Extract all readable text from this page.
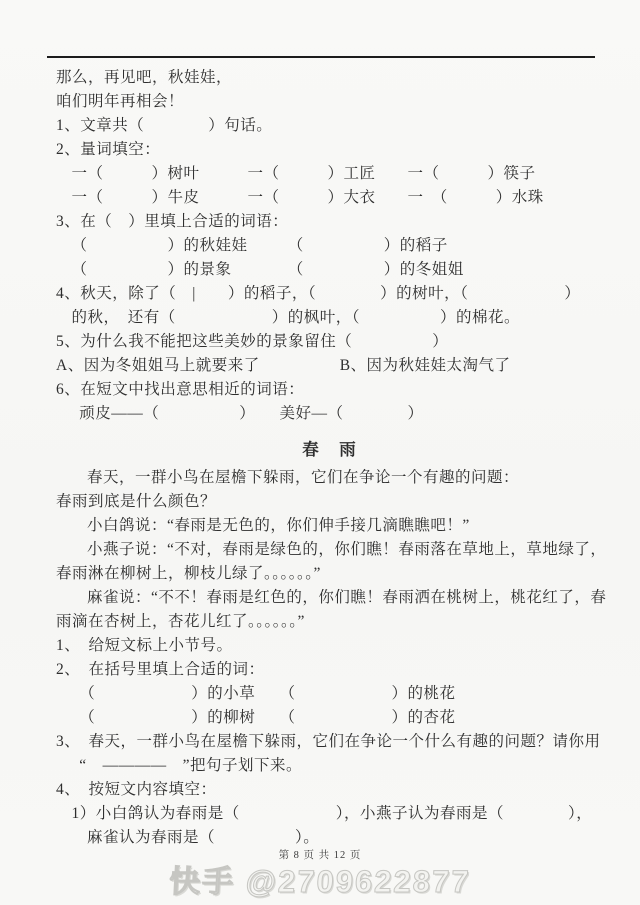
那么，再见吧，秋娃娃，
咱们明年再相会！
1、文章共（　　　　）句话。
2、量词填空：
一（　　　）树叶　　　一（　　　）工匠　　一（　　　）筷子
一（　　　）牛皮　　　一（　　　）大衣　　一　（　　　）水珠
3、在（　）里填上合适的词语：
（　　　　　）的秋娃娃　　　（　　　　　）的稻子
（　　　　　）的景象　　　　（　　　　　）的冬姐姐
4、秋天，除了（　|　　）的稻子，（　　　　）的树叶，（　　　　　　）
的秋，　还有（　　　　　　）的枫叶，（　　　　　）的棉花。
5、为什么我不能把这些美妙的景象留住（　　　　　）
A、因为冬姐姐马上就要来了　　　　　B、因为秋娃娃太淘气了
6、在短文中找出意思相近的词语：
顽皮——（　　　　　）　　美好—（　　　　）
春　雨
春天，一群小鸟在屋檐下躲雨，它们在争论一个有趣的问题：
春雨到底是什么颜色？
小白鸽说：“春雨是无色的，你们伸手接几滴瞧瞧吧！”
小燕子说：“不对，春雨是绿色的，你们瞧！春雨落在草地上，草地绿了，
春雨淋在柳树上，柳枝儿绿了。。。。。。”
麻雀说：“不不！春雨是红色的，你们瞧！春雨洒在桃树上，桃花红了，春
雨滴在杏树上，杏花儿红了。。。。。。”
1、　给短文标上小节号。
2、　在括号里填上合适的词：
（　　　　　　）的小草　　（　　　　　　）的桃花
（　　　　　　）的柳树　　（　　　　　　）的杏花
3、　春天，一群小鸟在屋檐下躲雨，它们在争论一个什么有趣的问题？请你用
“　————　”把句子划下来。
4、　按短文内容填空：
1）小白鸽认为春雨是（　　　　　　），小燕子认为春雨是（　　　　），
麻雀认为春雨是（　　　　　）。
第 8 页 共 12 页
快手 @2709622877
